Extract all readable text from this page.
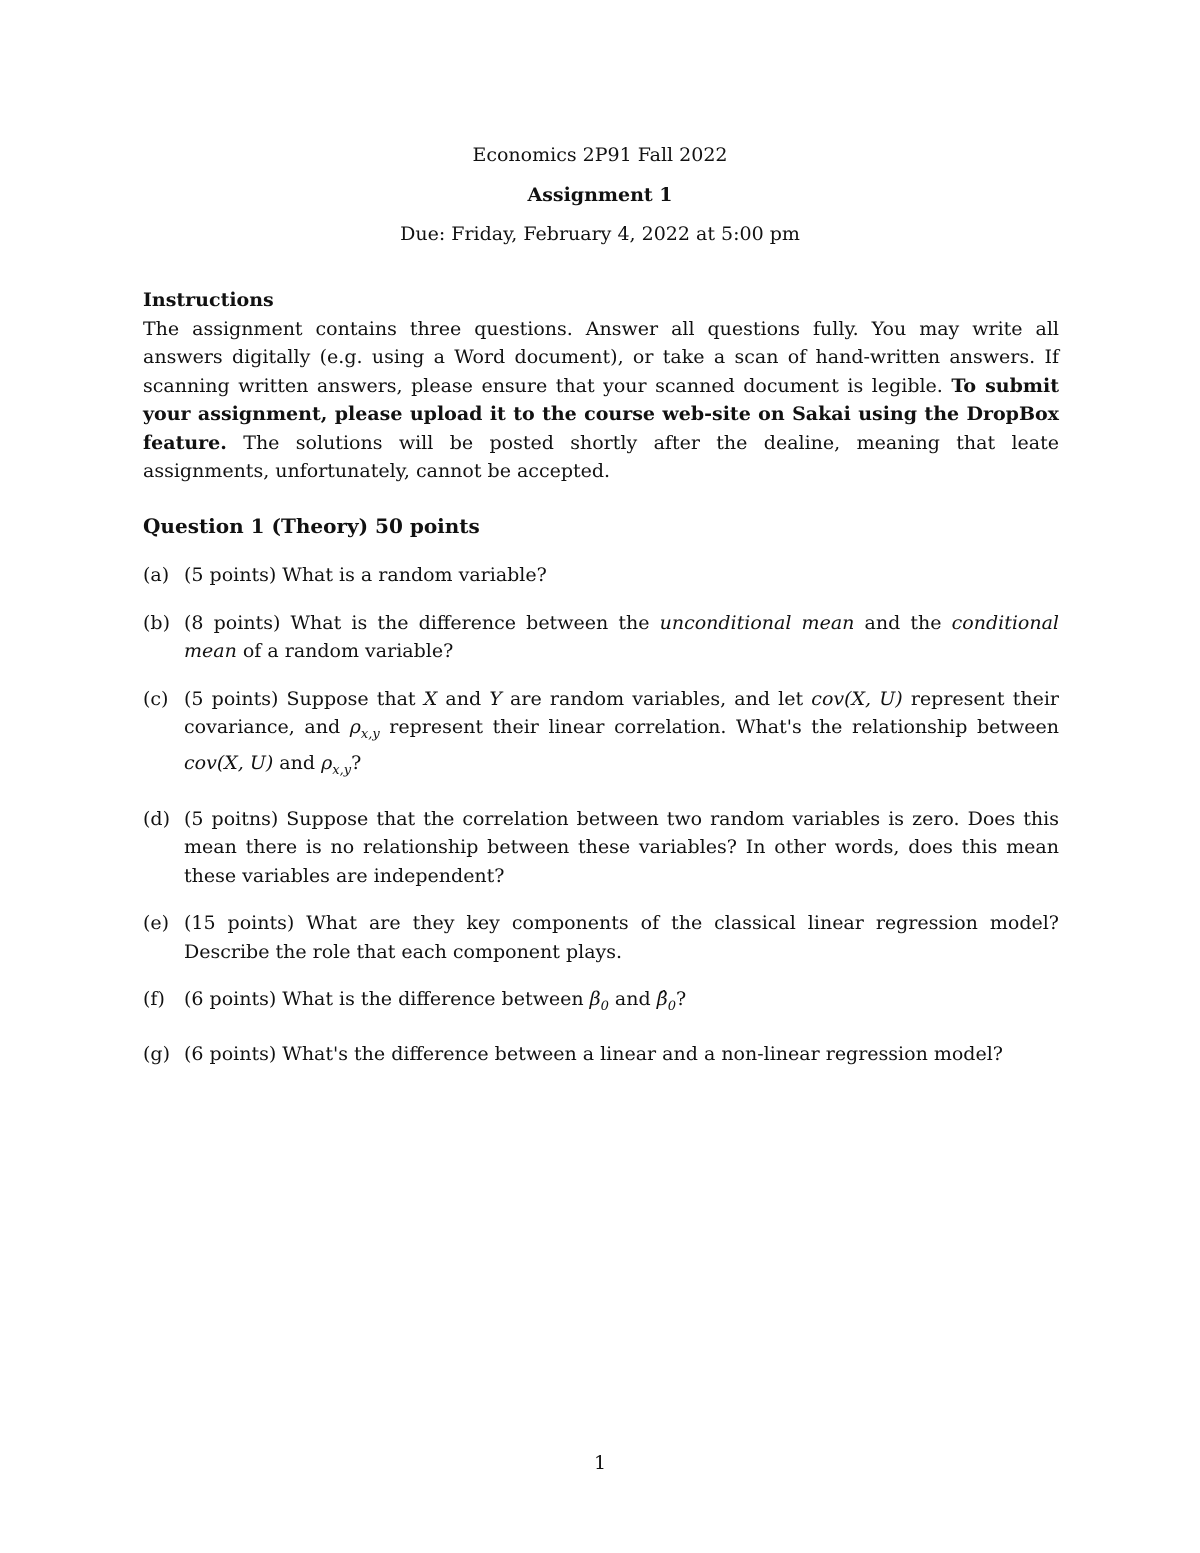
Economics 2P91 Fall 2022
Assignment 1
Due: Friday, February 4, 2022 at 5:00 pm
Instructions
The assignment contains three questions. Answer all questions fully. You may write all answers digitally (e.g. using a Word document), or take a scan of hand-written answers. If scanning written answers, please ensure that your scanned document is legible. To submit your assignment, please upload it to the course web-site on Sakai using the DropBox feature. The solutions will be posted shortly after the dealine, meaning that leate assignments, unfortunately, cannot be accepted.
Question 1 (Theory) 50 points
(a) (5 points) What is a random variable?
(b) (8 points) What is the difference between the unconditional mean and the conditional mean of a random variable?
(c) (5 points) Suppose that X and Y are random variables, and let cov(X, U) represent their covariance, and $\rho_{x,y}$ represent their linear correlation. What's the relationship between cov(X, U) and $\rho_{x,y}$?
(d) (5 poitns) Suppose that the correlation between two random variables is zero. Does this mean there is no relationship between these variables? In other words, does this mean these variables are independent?
(e) (15 points) What are they key components of the classical linear regression model? Describe the role that each component plays.
(f) (6 points) What is the difference between $\beta_0$ and $\betâ_0$?
(g) (6 points) What's the difference between a linear and a non-linear regression model?
1
